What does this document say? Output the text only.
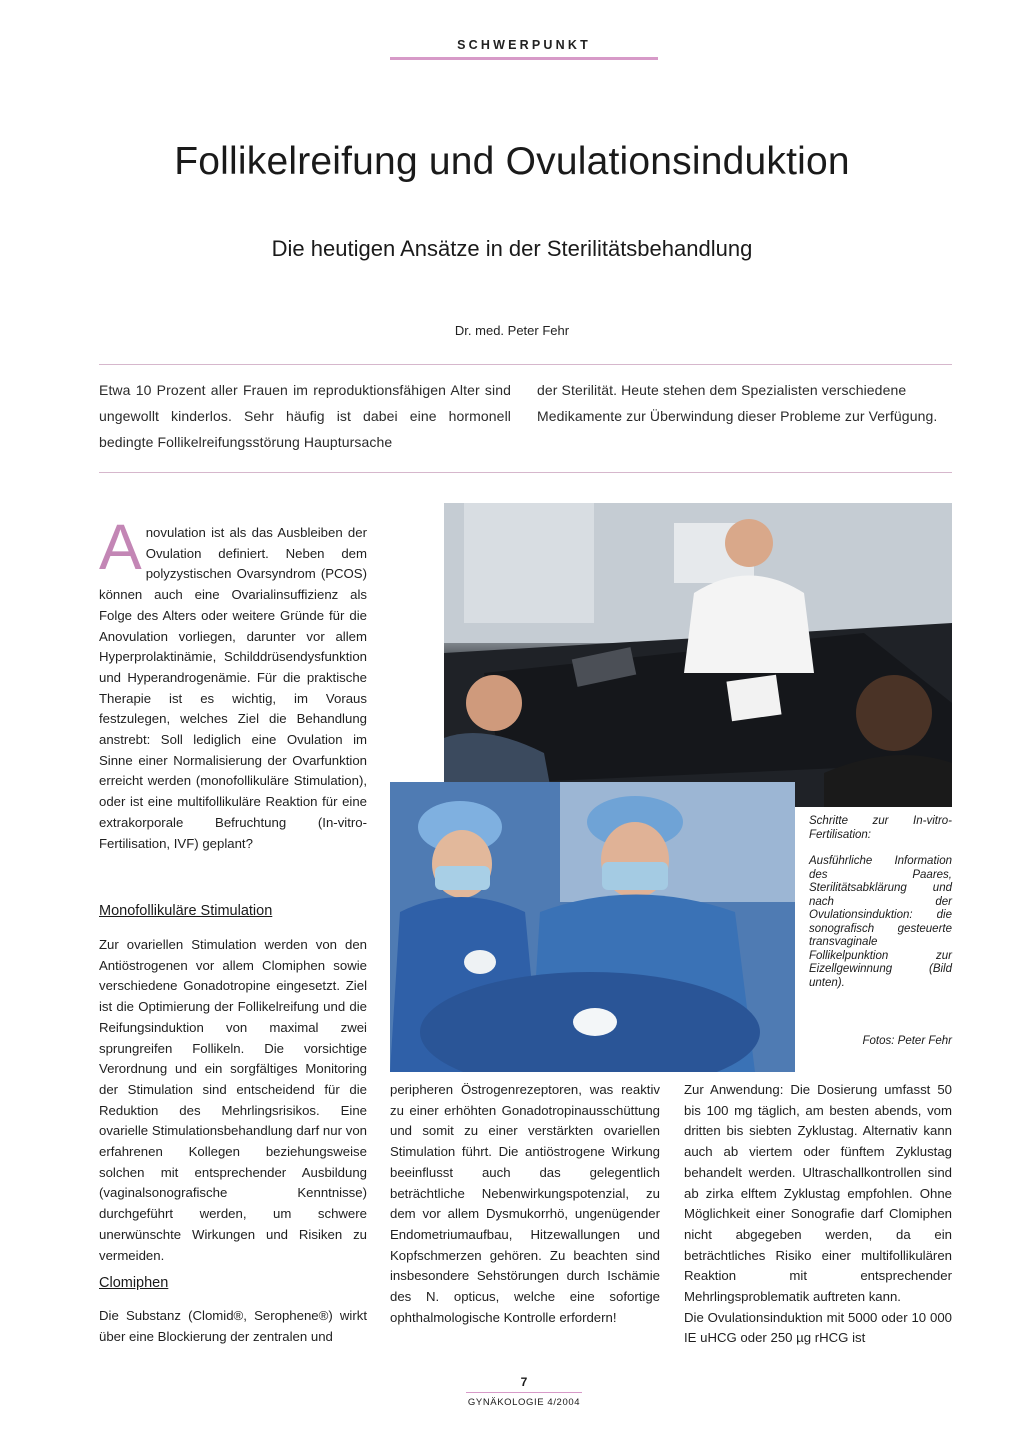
SCHWERPUNKT
Follikelreifung und Ovulationsinduktion
Die heutigen Ansätze in der Sterilitätsbehandlung
Dr. med. Peter Fehr
Etwa 10 Prozent aller Frauen im reproduktionsfähigen Alter sind ungewollt kinderlos. Sehr häufig ist dabei eine hormonell bedingte Follikelreifungsstörung Hauptursache
der Sterilität. Heute stehen dem Spezialisten verschiedene Medikamente zur Überwindung dieser Probleme zur Verfügung.
Anovulation ist als das Ausbleiben der Ovulation definiert. Neben dem polyzystischen Ovarsyndrom (PCOS) können auch eine Ovarialinsuffizienz als Folge des Alters oder weitere Gründe für die Anovulation vorliegen, darunter vor allem Hyperprolaktinämie, Schilddrüsendysfunktion und Hyperandrogenämie. Für die praktische Therapie ist es wichtig, im Voraus festzulegen, welches Ziel die Behandlung anstrebt: Soll lediglich eine Ovulation im Sinne einer Normalisierung der Ovarfunktion erreicht werden (monofollikuläre Stimulation), oder ist eine multifollikuläre Reaktion für eine extrakorporale Befruchtung (In-vitro-Fertilisation, IVF) geplant?
Monofollikuläre Stimulation
Zur ovariellen Stimulation werden von den Antiöstrogenen vor allem Clomiphen sowie verschiedene Gonadotropine eingesetzt. Ziel ist die Optimierung der Follikelreifung und die Reifungsinduktion von maximal zwei sprungreifen Follikeln. Die vorsichtige Verordnung und ein sorgfältiges Monitoring der Stimulation sind entscheidend für die Reduktion des Mehrlingsrisikos. Eine ovarielle Stimulationsbehandlung darf nur von erfahrenen Kollegen beziehungsweise solchen mit entsprechender Ausbildung (vaginalsonografische Kenntnisse) durchgeführt werden, um schwere unerwünschte Wirkungen und Risiken zu vermeiden.
Clomiphen
Die Substanz (Clomid®, Serophene®) wirkt über eine Blockierung der zentralen und

Schritte zur In-vitro-Fertilisation:

Ausführliche Information des Paares, Sterilitätsabklärung und nach der Ovulationsinduktion: die sonografisch gesteuerte transvaginale Follikelpunktion zur Eizellgewinnung (Bild unten).

Fotos: Peter Fehr
peripheren Östrogenrezeptoren, was reaktiv zu einer erhöhten Gonadotropinausschüttung und somit zu einer verstärkten ovariellen Stimulation führt. Die antiöstrogene Wirkung beeinflusst auch das gelegentlich beträchtliche Nebenwirkungspotenzial, zu dem vor allem Dysmukorrhö, ungenügender Endometriumaufbau, Hitzewallungen und Kopfschmerzen gehören. Zu beachten sind insbesondere Sehstörungen durch Ischämie des N. opticus, welche eine sofortige ophthalmologische Kontrolle erfordern!
Zur Anwendung: Die Dosierung umfasst 50 bis 100 mg täglich, am besten abends, vom dritten bis siebten Zyklustag. Alternativ kann auch ab viertem oder fünftem Zyklustag behandelt werden. Ultraschallkontrollen sind ab zirka elftem Zyklustag empfohlen. Ohne Möglichkeit einer Sonografie darf Clomiphen nicht abgegeben werden, da ein beträchtliches Risiko einer multifollikulären Reaktion mit entsprechender Mehrlingsproblematik auftreten kann.
Die Ovulationsinduktion mit 5000 oder 10 000 IE uHCG oder 250 µg rHCG ist
7
GYNÄKOLOGIE 4/2004
